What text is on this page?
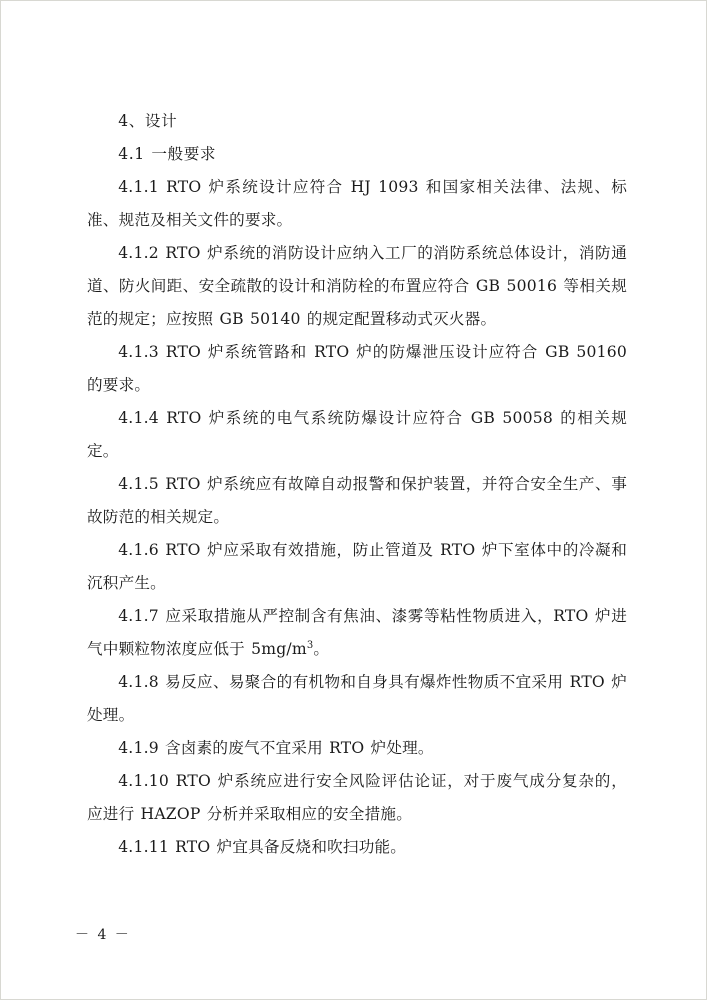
4、设计

4.1 一般要求

4.1.1 RTO 炉系统设计应符合 HJ 1093 和国家相关法律、法规、标准、规范及相关文件的要求。

4.1.2 RTO 炉系统的消防设计应纳入工厂的消防系统总体设计，消防通道、防火间距、安全疏散的设计和消防栓的布置应符合 GB 50016 等相关规范的规定；应按照 GB 50140 的规定配置移动式灭火器。

4.1.3 RTO 炉系统管路和 RTO 炉的防爆泄压设计应符合 GB 50160 的要求。

4.1.4 RTO 炉系统的电气系统防爆设计应符合 GB 50058 的相关规定。

4.1.5 RTO 炉系统应有故障自动报警和保护装置，并符合安全生产、事故防范的相关规定。

4.1.6 RTO 炉应采取有效措施，防止管道及 RTO 炉下室体中的冷凝和沉积产生。

4.1.7 应采取措施从严控制含有焦油、漆雾等粘性物质进入，RTO 炉进气中颗粒物浓度应低于 $5mg/m^3$。

4.1.8 易反应、易聚合的有机物和自身具有爆炸性物质不宜采用 RTO 炉处理。

4.1.9 含卤素的废气不宜采用 RTO 炉处理。

4.1.10 RTO 炉系统应进行安全风险评估论证，对于废气成分复杂的，应进行 HAZOP 分析并采取相应的安全措施。

4.1.11 RTO 炉宜具备反烧和吹扫功能。

－ 4 －
